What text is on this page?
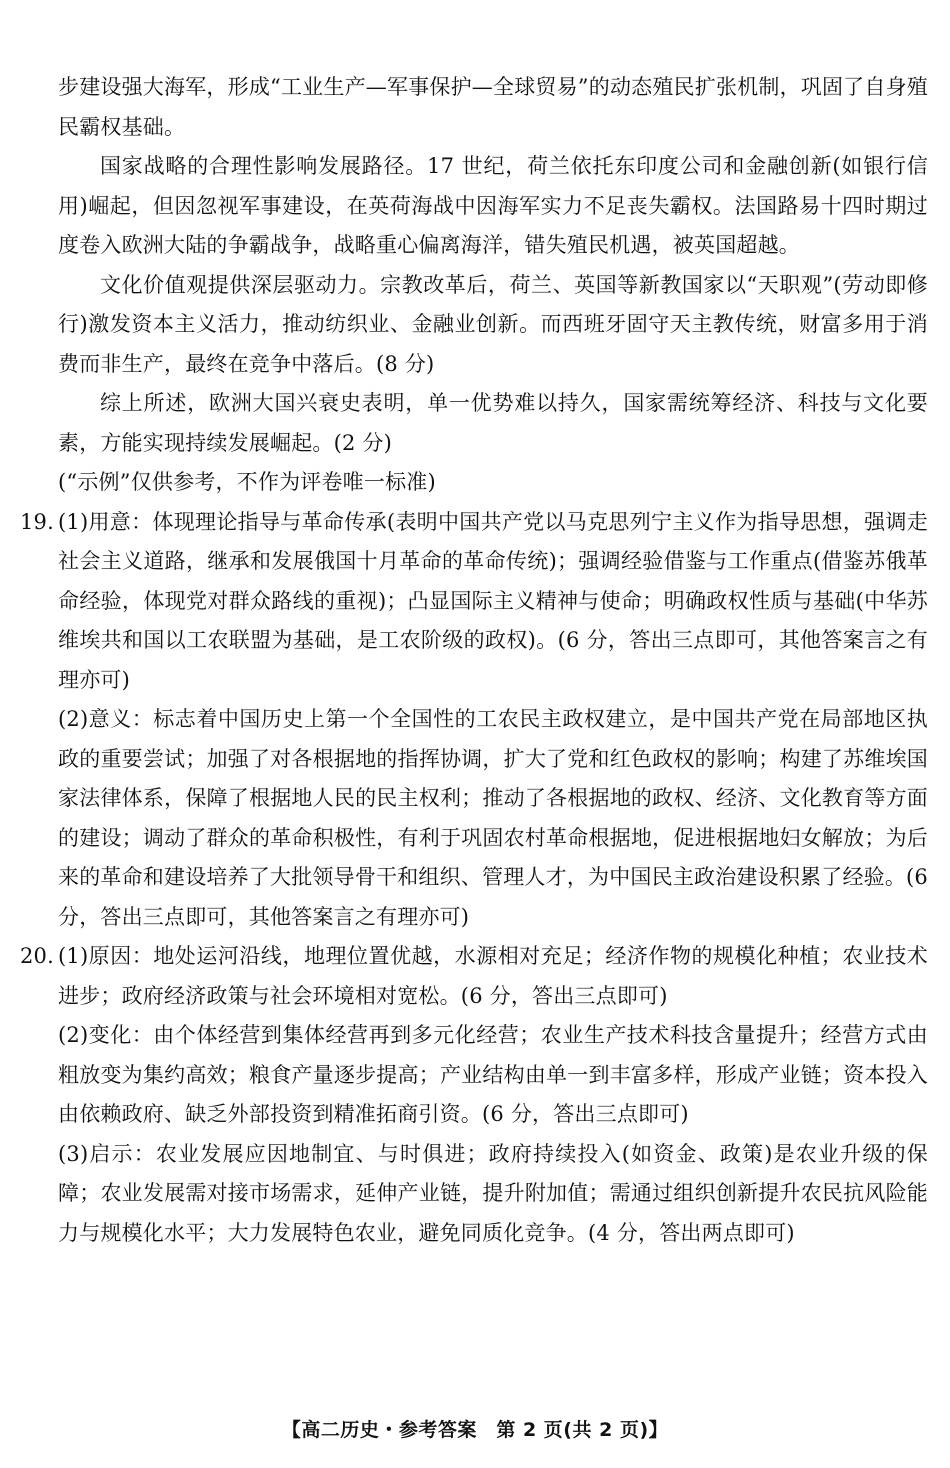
步建设强大海军，形成“工业生产—军事保护—全球贸易”的动态殖民扩张机制，巩固了自身殖民霸权基础。

国家战略的合理性影响发展路径。17 世纪，荷兰依托东印度公司和金融创新(如银行信用)崛起，但因忽视军事建设，在英荷海战中因海军实力不足丧失霸权。法国路易十四时期过度卷入欧洲大陆的争霸战争，战略重心偏离海洋，错失殖民机遇，被英国超越。

文化价值观提供深层驱动力。宗教改革后，荷兰、英国等新教国家以“天职观”(劳动即修行)激发资本主义活力，推动纺织业、金融业创新。而西班牙固守天主教传统，财富多用于消费而非生产，最终在竞争中落后。(8 分)

综上所述，欧洲大国兴衰史表明，单一优势难以持久，国家需统筹经济、科技与文化要素，方能实现持续发展崛起。(2 分)

(“示例”仅供参考，不作为评卷唯一标准)

19. (1)用意：体现理论指导与革命传承(表明中国共产党以马克思列宁主义作为指导思想，强调走社会主义道路，继承和发展俄国十月革命的革命传统)；强调经验借鉴与工作重点(借鉴苏俄革命经验，体现党对群众路线的重视)；凸显国际主义精神与使命；明确政权性质与基础(中华苏维埃共和国以工农联盟为基础，是工农阶级的政权)。(6 分，答出三点即可，其他答案言之有理亦可)

(2)意义：标志着中国历史上第一个全国性的工农民主政权建立，是中国共产党在局部地区执政的重要尝试；加强了对各根据地的指挥协调，扩大了党和红色政权的影响；构建了苏维埃国家法律体系，保障了根据地人民的民主权利；推动了各根据地的政权、经济、文化教育等方面的建设；调动了群众的革命积极性，有利于巩固农村革命根据地，促进根据地妇女解放；为后来的革命和建设培养了大批领导骨干和组织、管理人才，为中国民主政治建设积累了经验。(6 分，答出三点即可，其他答案言之有理亦可)

20. (1)原因：地处运河沿线，地理位置优越，水源相对充足；经济作物的规模化种植；农业技术进步；政府经济政策与社会环境相对宽松。(6 分，答出三点即可)

(2)变化：由个体经营到集体经营再到多元化经营；农业生产技术科技含量提升；经营方式由粗放变为集约高效；粮食产量逐步提高；产业结构由单一到丰富多样，形成产业链；资本投入由依赖政府、缺乏外部投资到精准拓商引资。(6 分，答出三点即可)

(3)启示：农业发展应因地制宜、与时俱进；政府持续投入(如资金、政策)是农业升级的保障；农业发展需对接市场需求，延伸产业链，提升附加值；需通过组织创新提升农民抗风险能力与规模化水平；大力发展特色农业，避免同质化竞争。(4 分，答出两点即可)

【高二历史・参考答案　第 2 页(共 2 页)】
